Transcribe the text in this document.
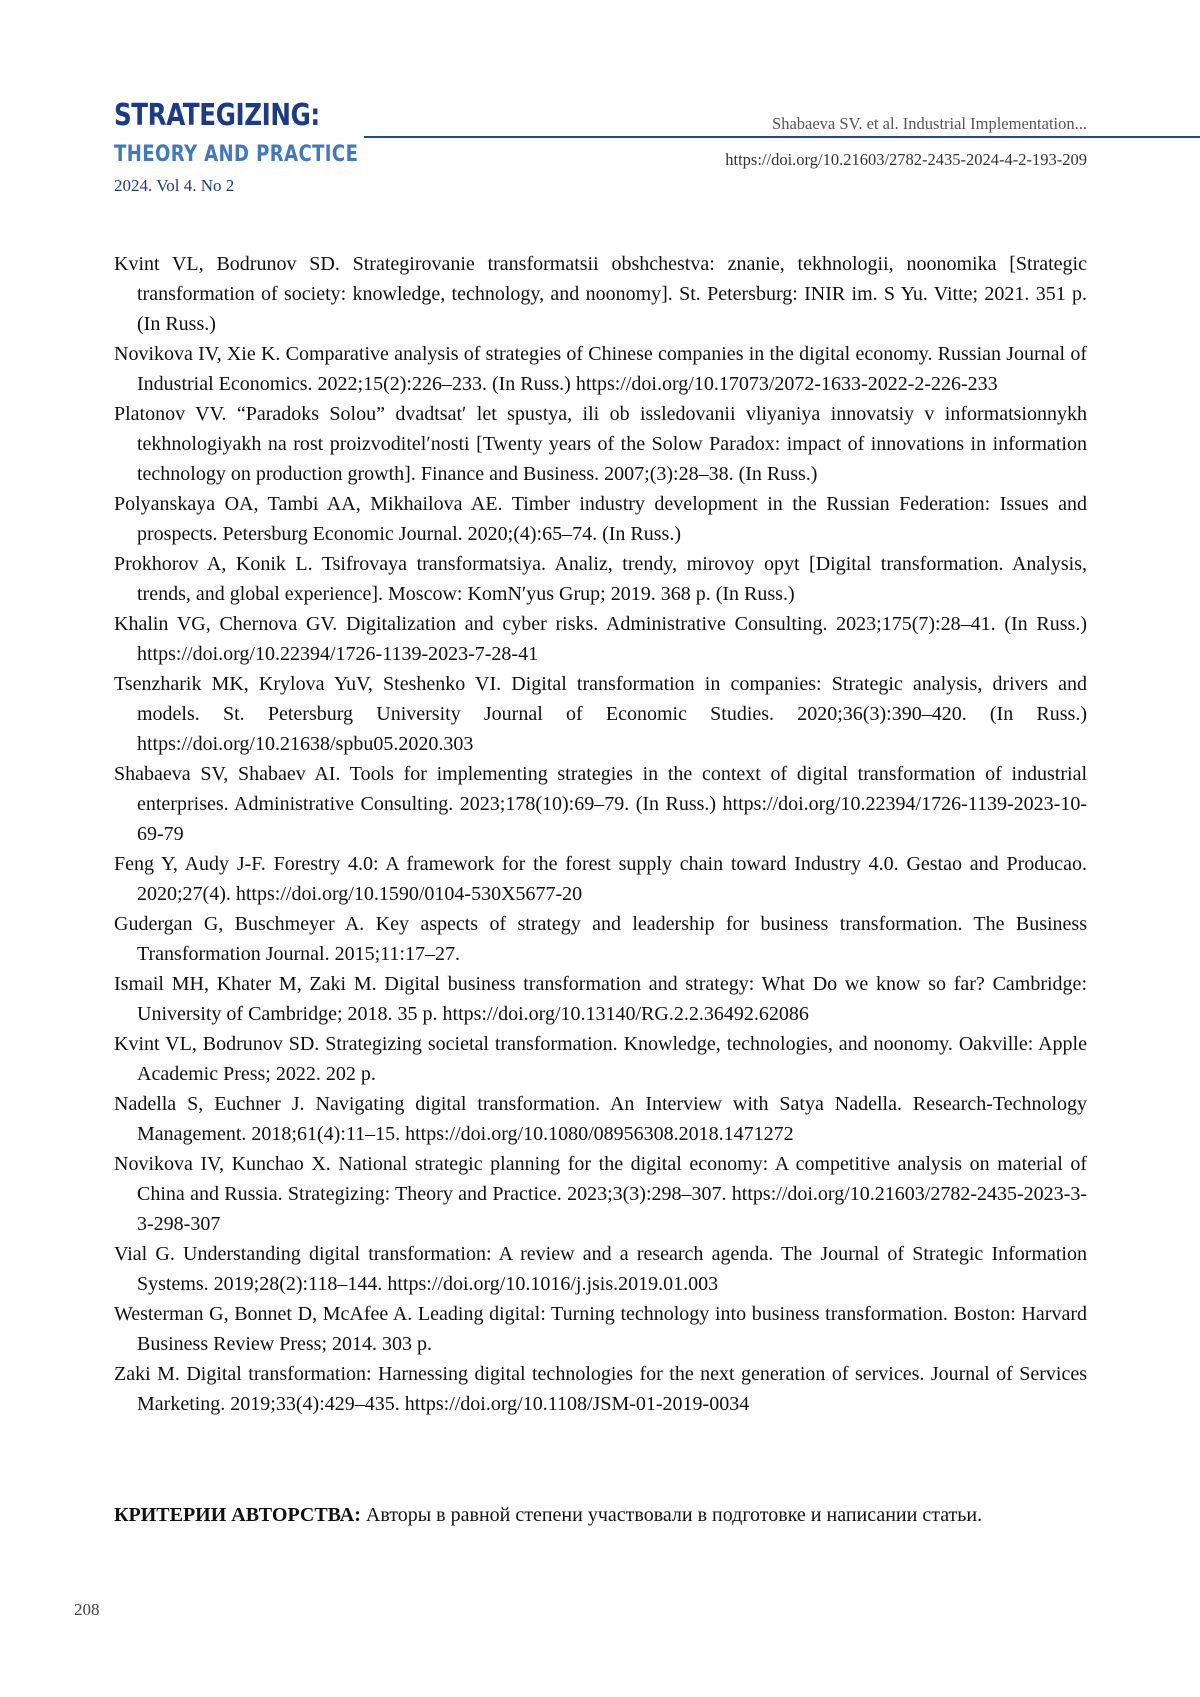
STRATEGIZING:
THEORY AND PRACTICE

2024. Vol 4. No 2

Shabaeva SV. et al. Industrial Implementation...

https://doi.org/10.21603/2782-2435-2024-4-2-193-209

Kvint VL, Bodrunov SD. Strategirovanie transformatsii obshchestva: znanie, tekhnologii, noonomika [Strategic transformation of society: knowledge, technology, and noonomy]. St. Petersburg: INIR im. S Yu. Vitte; 2021. 351 p. (In Russ.)
Novikova IV, Xie K. Comparative analysis of strategies of Chinese companies in the digital economy. Russian Journal of Industrial Economics. 2022;15(2):226–233. (In Russ.) https://doi.org/10.17073/2072-1633-2022-2-226-233
Platonov VV. “Paradoks Solou” dvadtsatʹ let spustya, ili ob issledovanii vliyaniya innovatsiy v informatsionnykh tekhnologiyakh na rost proizvoditelʹnosti [Twenty years of the Solow Paradox: impact of innovations in information technology on production growth]. Finance and Business. 2007;(3):28–38. (In Russ.)
Polyanskaya OA, Tambi AA, Mikhailova AE. Timber industry development in the Russian Federation: Issues and prospects. Petersburg Economic Journal. 2020;(4):65–74. (In Russ.)
Prokhorov A, Konik L. Tsifrovaya transformatsiya. Analiz, trendy, mirovoy opyt [Digital transformation. Analysis, trends, and global experience]. Moscow: KomNʹyus Grup; 2019. 368 p. (In Russ.)
Khalin VG, Chernova GV. Digitalization and cyber risks. Administrative Consulting. 2023;175(7):28–41. (In Russ.) https://doi.org/10.22394/1726-1139-2023-7-28-41
Tsenzharik MK, Krylova YuV, Steshenko VI. Digital transformation in companies: Strategic analysis, drivers and models. St. Petersburg University Journal of Economic Studies. 2020;36(3):390–420. (In Russ.) https://doi.org/10.21638/spbu05.2020.303
Shabaeva SV, Shabaev AI. Tools for implementing strategies in the context of digital transformation of industrial enterprises. Administrative Consulting. 2023;178(10):69–79. (In Russ.) https://doi.org/10.22394/1726-1139-2023-10-69-79
Feng Y, Audy J-F. Forestry 4.0: A framework for the forest supply chain toward Industry 4.0. Gestao and Producao. 2020;27(4). https://doi.org/10.1590/0104-530X5677-20
Gudergan G, Buschmeyer A. Key aspects of strategy and leadership for business transformation. The Business Transformation Journal. 2015;11:17–27.
Ismail MH, Khater M, Zaki M. Digital business transformation and strategy: What Do we know so far? Cambridge: University of Cambridge; 2018. 35 p. https://doi.org/10.13140/RG.2.2.36492.62086
Kvint VL, Bodrunov SD. Strategizing societal transformation. Knowledge, technologies, and noonomy. Oakville: Apple Academic Press; 2022. 202 p.
Nadella S, Euchner J. Navigating digital transformation. An Interview with Satya Nadella. Research-Technology Management. 2018;61(4):11–15. https://doi.org/10.1080/08956308.2018.1471272
Novikova IV, Kunchao X. National strategic planning for the digital economy: A competitive analysis on material of China and Russia. Strategizing: Theory and Practice. 2023;3(3):298–307. https://doi.org/10.21603/2782-2435-2023-3-3-298-307
Vial G. Understanding digital transformation: A review and a research agenda. The Journal of Strategic Information Systems. 2019;28(2):118–144. https://doi.org/10.1016/j.jsis.2019.01.003
Westerman G, Bonnet D, McAfee A. Leading digital: Turning technology into business transformation. Boston: Harvard Business Review Press; 2014. 303 p.
Zaki M. Digital transformation: Harnessing digital technologies for the next generation of services. Journal of Services Marketing. 2019;33(4):429–435. https://doi.org/10.1108/JSM-01-2019-0034

КРИТЕРИИ АВТОРСТВА: Авторы в равной степени участвовали в подготовке и написании статьи.

208
